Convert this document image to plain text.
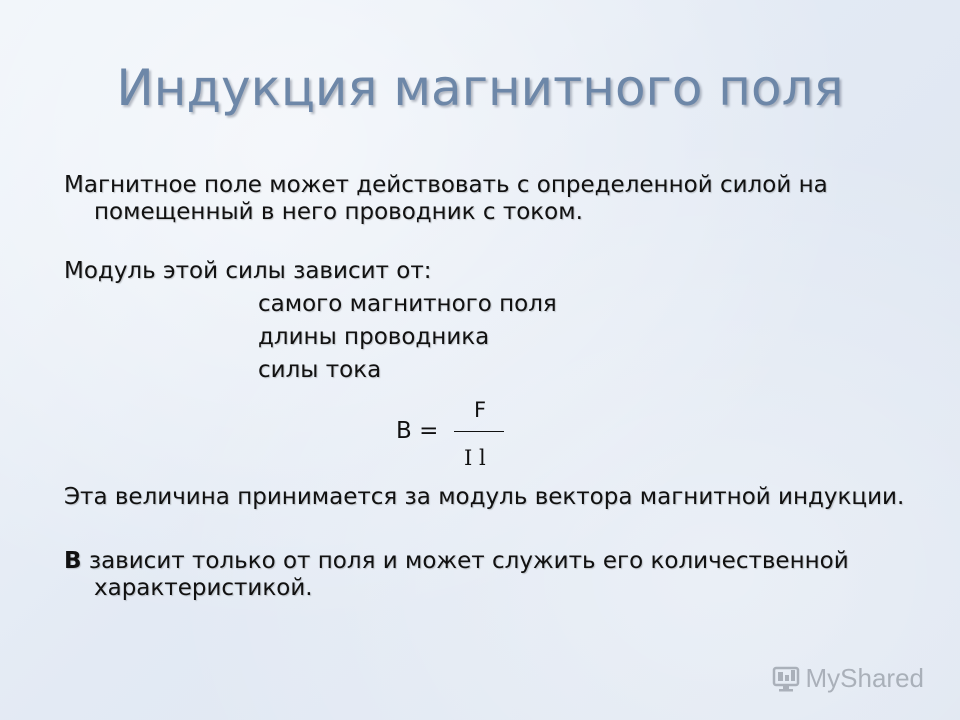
Индукция магнитного поля
Магнитное поле может действовать с определенной силой на
помещенный в него проводник с током.
Модуль этой силы зависит от:
самого магнитного поля
длины проводника
силы тока
B =
F
I l
Эта величина принимается за модуль вектора магнитной индукции.
B зависит только от поля и может служить его количественной
характеристикой.
MyShared
